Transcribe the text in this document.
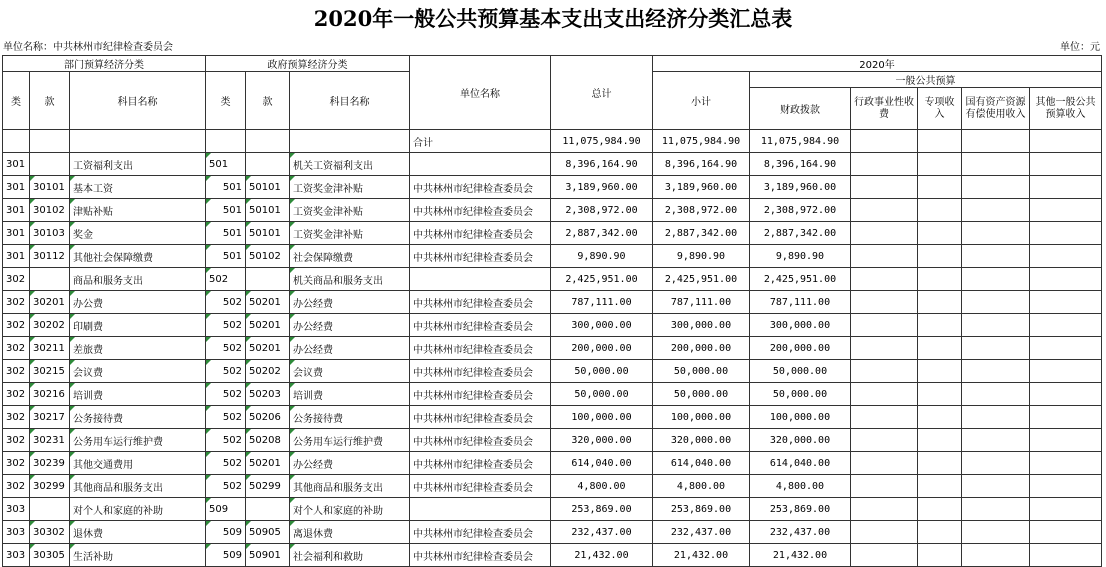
2020年一般公共预算基本支出支出经济分类汇总表
单位名称：中共林州市纪律检查委员会	单位：元
部门预算经济分类			政府预算经济分类			单位名称	总计	2020年					
类	款	科目名称	类	款	科目名称			小计	一般公共预算				
									财政拨款	行政事业性收费	专项收入	国有资产资源有偿使用收入	其他一般公共预算收入
						合计	11,075,984.90	11,075,984.90	11,075,984.90				
301		工资福利支出	501		机关工资福利支出		8,396,164.90	8,396,164.90	8,396,164.90				
301	30101	基本工资	501	50101	工资奖金津补贴	中共林州市纪律检查委员会	3,189,960.00	3,189,960.00	3,189,960.00				
301	30102	津贴补贴	501	50101	工资奖金津补贴	中共林州市纪律检查委员会	2,308,972.00	2,308,972.00	2,308,972.00				
301	30103	奖金	501	50101	工资奖金津补贴	中共林州市纪律检查委员会	2,887,342.00	2,887,342.00	2,887,342.00				
301	30112	其他社会保障缴费	501	50102	社会保障缴费	中共林州市纪律检查委员会	9,890.90	9,890.90	9,890.90				
302		商品和服务支出	502		机关商品和服务支出		2,425,951.00	2,425,951.00	2,425,951.00				
302	30201	办公费	502	50201	办公经费	中共林州市纪律检查委员会	787,111.00	787,111.00	787,111.00				
302	30202	印刷费	502	50201	办公经费	中共林州市纪律检查委员会	300,000.00	300,000.00	300,000.00				
302	30211	差旅费	502	50201	办公经费	中共林州市纪律检查委员会	200,000.00	200,000.00	200,000.00				
302	30215	会议费	502	50202	会议费	中共林州市纪律检查委员会	50,000.00	50,000.00	50,000.00				
302	30216	培训费	502	50203	培训费	中共林州市纪律检查委员会	50,000.00	50,000.00	50,000.00				
302	30217	公务接待费	502	50206	公务接待费	中共林州市纪律检查委员会	100,000.00	100,000.00	100,000.00				
302	30231	公务用车运行维护费	502	50208	公务用车运行维护费	中共林州市纪律检查委员会	320,000.00	320,000.00	320,000.00				
302	30239	其他交通费用	502	50201	办公经费	中共林州市纪律检查委员会	614,040.00	614,040.00	614,040.00				
302	30299	其他商品和服务支出	502	50299	其他商品和服务支出	中共林州市纪律检查委员会	4,800.00	4,800.00	4,800.00				
303		对个人和家庭的补助	509		对个人和家庭的补助		253,869.00	253,869.00	253,869.00				
303	30302	退休费	509	50905	离退休费	中共林州市纪律检查委员会	232,437.00	232,437.00	232,437.00				
303	30305	生活补助	509	50901	社会福利和救助	中共林州市纪律检查委员会	21,432.00	21,432.00	21,432.00				
